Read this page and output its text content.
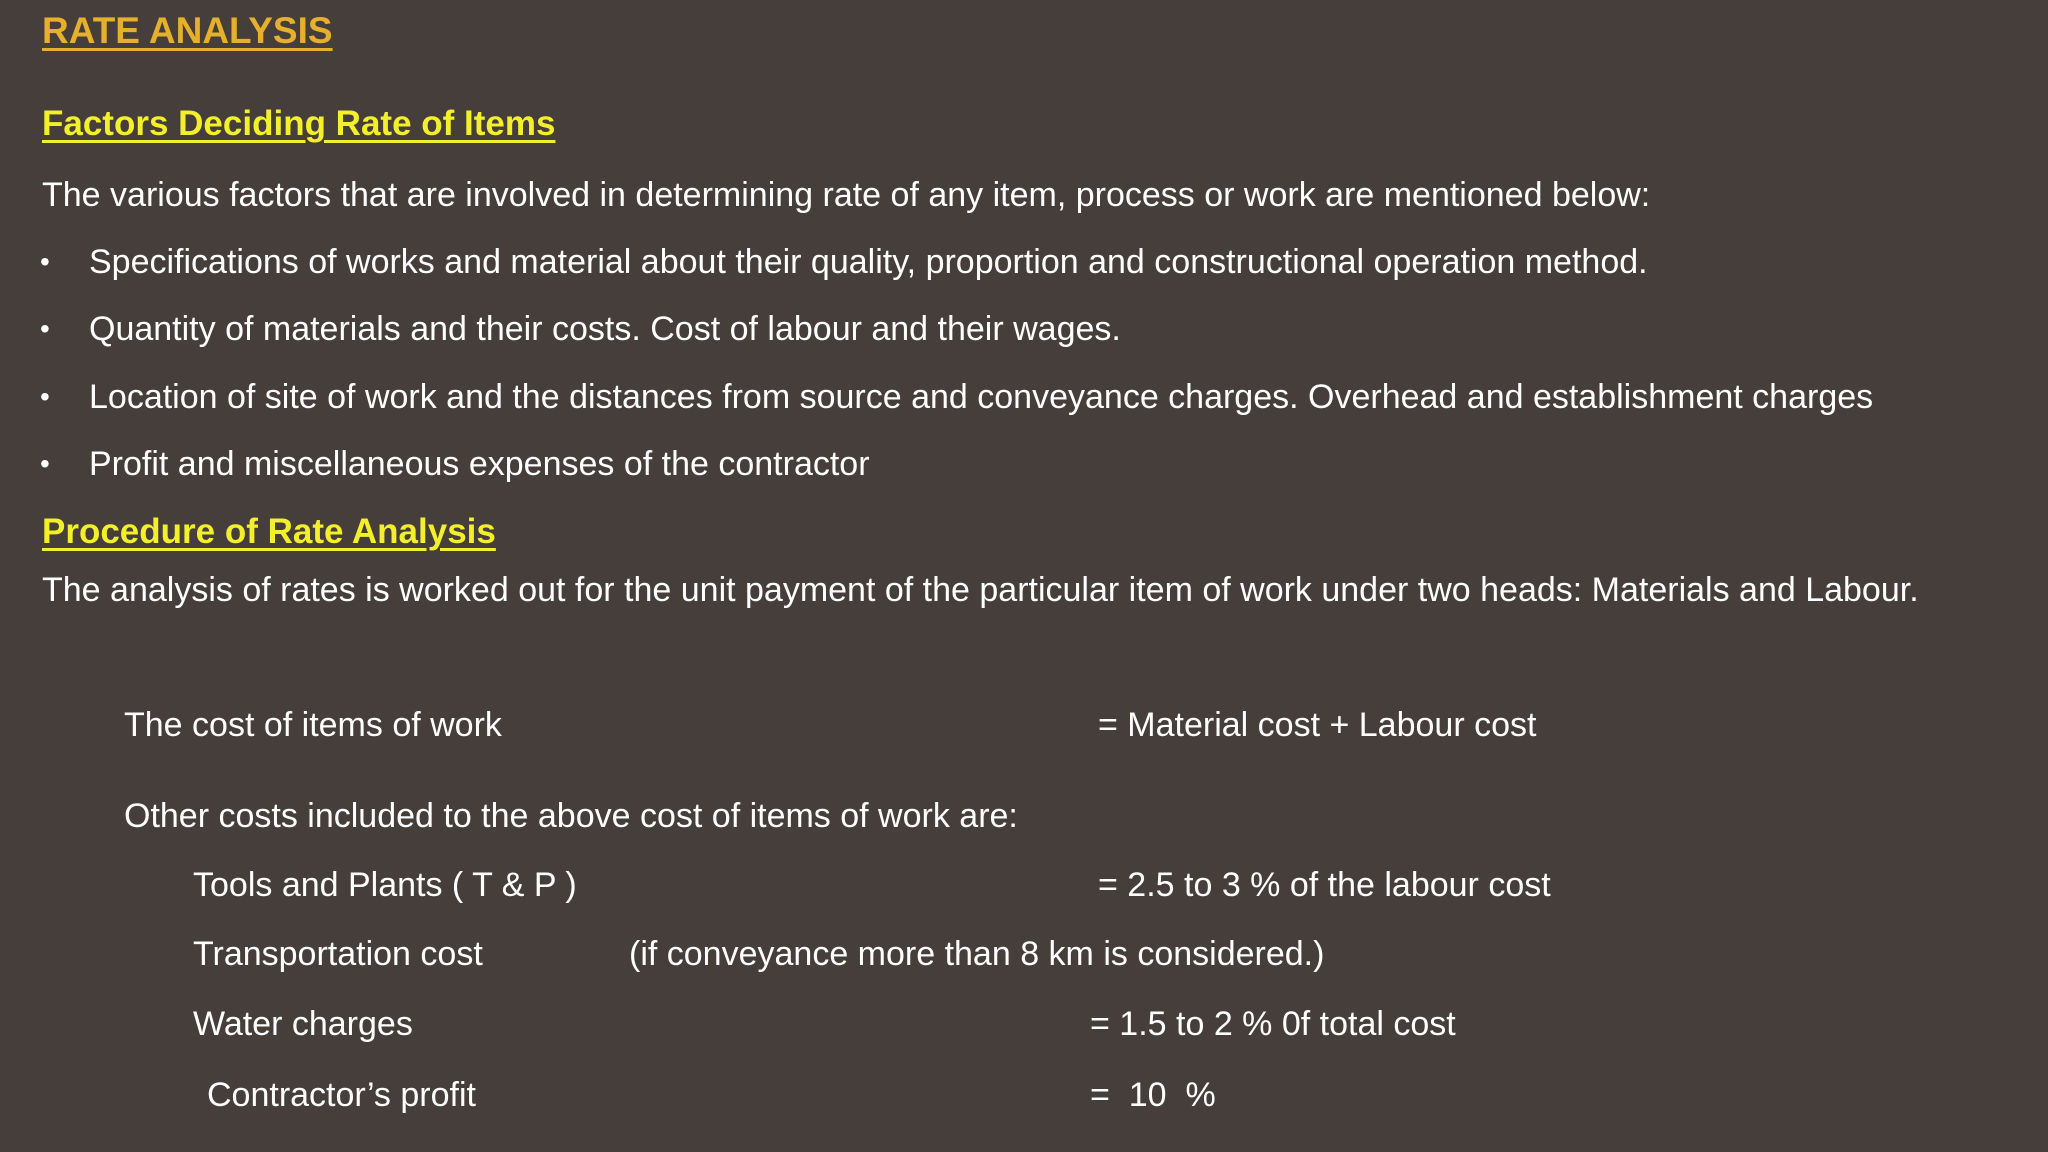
RATE ANALYSIS
Factors Deciding Rate of Items
The various factors that are involved in determining rate of any item, process or work are mentioned below:
• Specifications of works and material about their quality, proportion and constructional operation method.
• Quantity of materials and their costs. Cost of labour and their wages.
• Location of site of work and the distances from source and conveyance charges. Overhead and establishment charges
• Profit and miscellaneous expenses of the contractor
Procedure of Rate Analysis
The analysis of rates is worked out for the unit payment of the particular item of work under two heads: Materials and Labour.
The cost of items of work	= Material cost + Labour cost
Other costs included to the above cost of items of work are:
Tools and Plants ( T & P )	= 2.5 to 3 % of the labour cost
Transportation cost	(if conveyance more than 8 km is considered.)
Water charges	= 1.5 to 2 % 0f total cost
Contractor’s profit	=  10  %
